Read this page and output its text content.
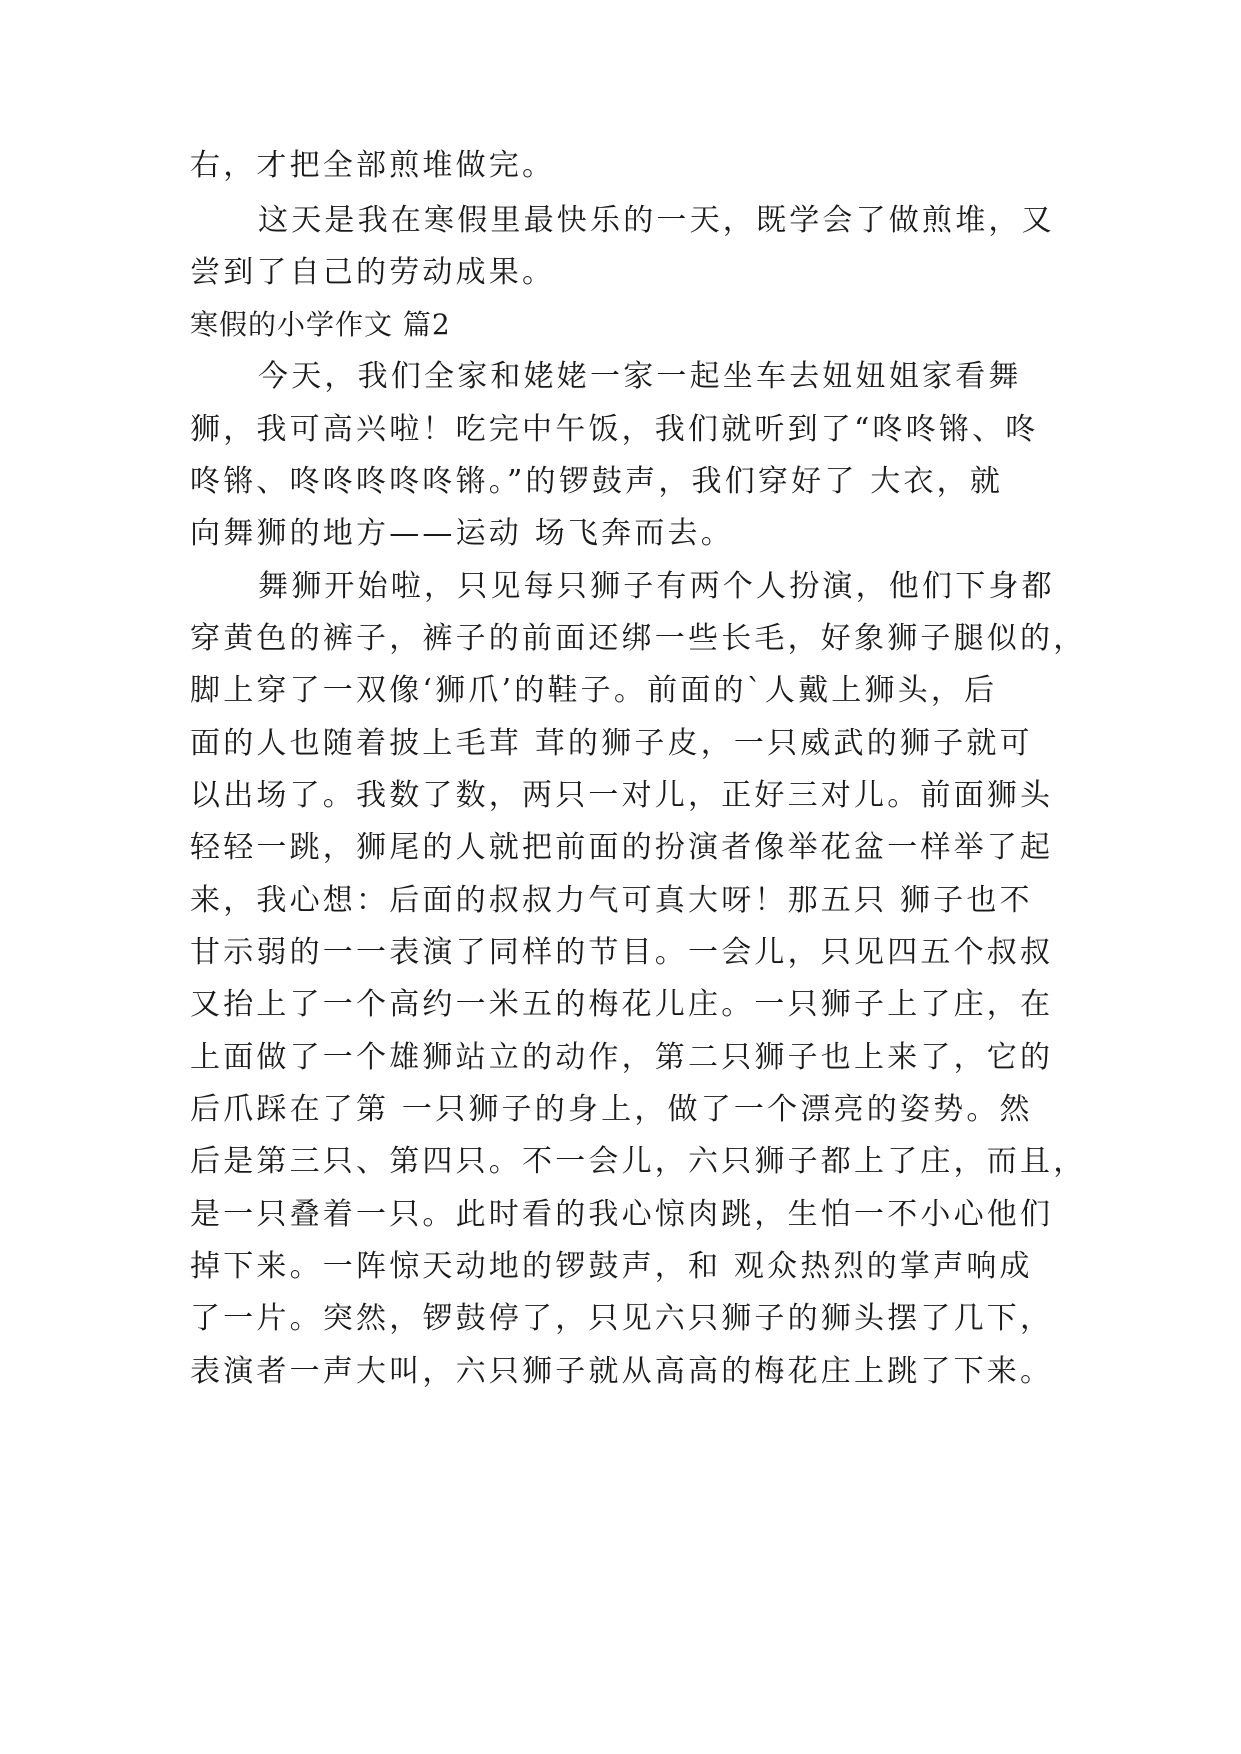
右，才把全部煎堆做完。
这天是我在寒假里最快乐的一天，既学会了做煎堆，又
尝到了自己的劳动成果。
寒假的小学作文 篇2
今天，我们全家和姥姥一家一起坐车去妞妞姐家看舞
狮，我可高兴啦！吃完中午饭，我们就听到了“咚咚锵、咚
咚锵、咚咚咚咚咚锵。”的锣鼓声，我们穿好了 大衣，就
向舞狮的地方——运动 场飞奔而去。
舞狮开始啦，只见每只狮子有两个人扮演，他们下身都
穿黄色的裤子，裤子的前面还绑一些长毛，好象狮子腿似的，
脚上穿了一双像‘狮爪’的鞋子。前面的`人戴上狮头，后
面的人也随着披上毛茸 茸的狮子皮，一只威武的狮子就可
以出场了。我数了数，两只一对儿，正好三对儿。前面狮头
轻轻一跳，狮尾的人就把前面的扮演者像举花盆一样举了起
来，我心想：后面的叔叔力气可真大呀！那五只 狮子也不
甘示弱的一一表演了同样的节目。一会儿，只见四五个叔叔
又抬上了一个高约一米五的梅花儿庄。一只狮子上了庄，在
上面做了一个雄狮站立的动作，第二只狮子也上来了，它的
后爪踩在了第 一只狮子的身上，做了一个漂亮的姿势。然
后是第三只、第四只。不一会儿，六只狮子都上了庄，而且，
是一只叠着一只。此时看的我心惊肉跳，生怕一不小心他们
掉下来。一阵惊天动地的锣鼓声，和 观众热烈的掌声响成
了一片。突然，锣鼓停了，只见六只狮子的狮头摆了几下，
表演者一声大叫，六只狮子就从高高的梅花庄上跳了下来。
